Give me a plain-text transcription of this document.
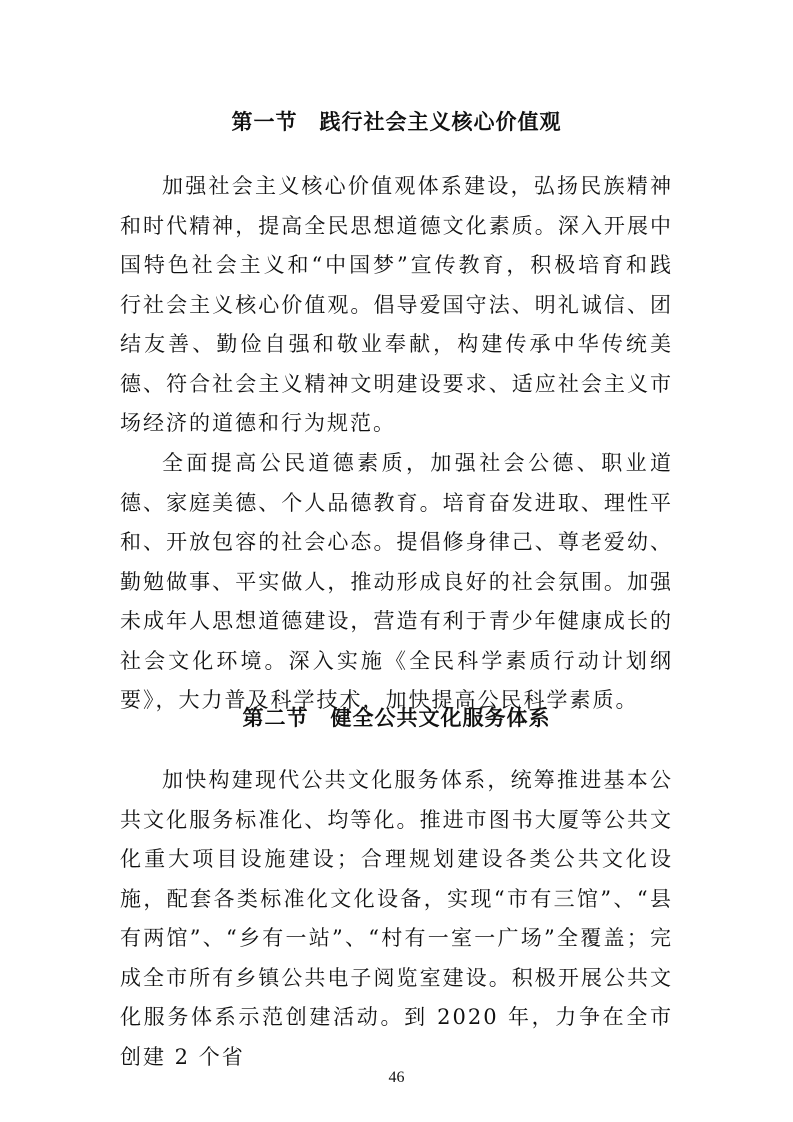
第一节　践行社会主义核心价值观

加强社会主义核心价值观体系建设，弘扬民族精神和时代精神，提高全民思想道德文化素质。深入开展中国特色社会主义和“中国梦”宣传教育，积极培育和践行社会主义核心价值观。倡导爱国守法、明礼诚信、团结友善、勤俭自强和敬业奉献，构建传承中华传统美德、符合社会主义精神文明建设要求、适应社会主义市场经济的道德和行为规范。

全面提高公民道德素质，加强社会公德、职业道德、家庭美德、个人品德教育。培育奋发进取、理性平和、开放包容的社会心态。提倡修身律己、尊老爱幼、勤勉做事、平实做人，推动形成良好的社会氛围。加强未成年人思想道德建设，营造有利于青少年健康成长的社会文化环境。深入实施《全民科学素质行动计划纲要》，大力普及科学技术，加快提高公民科学素质。

第二节　健全公共文化服务体系

加快构建现代公共文化服务体系，统筹推进基本公共文化服务标准化、均等化。推进市图书大厦等公共文化重大项目设施建设；合理规划建设各类公共文化设施，配套各类标准化文化设备，实现“市有三馆”、“县有两馆”、“乡有一站”、“村有一室一广场”全覆盖；完成全市所有乡镇公共电子阅览室建设。积极开展公共文化服务体系示范创建活动。到 2020 年，力争在全市创建 2 个省

46
